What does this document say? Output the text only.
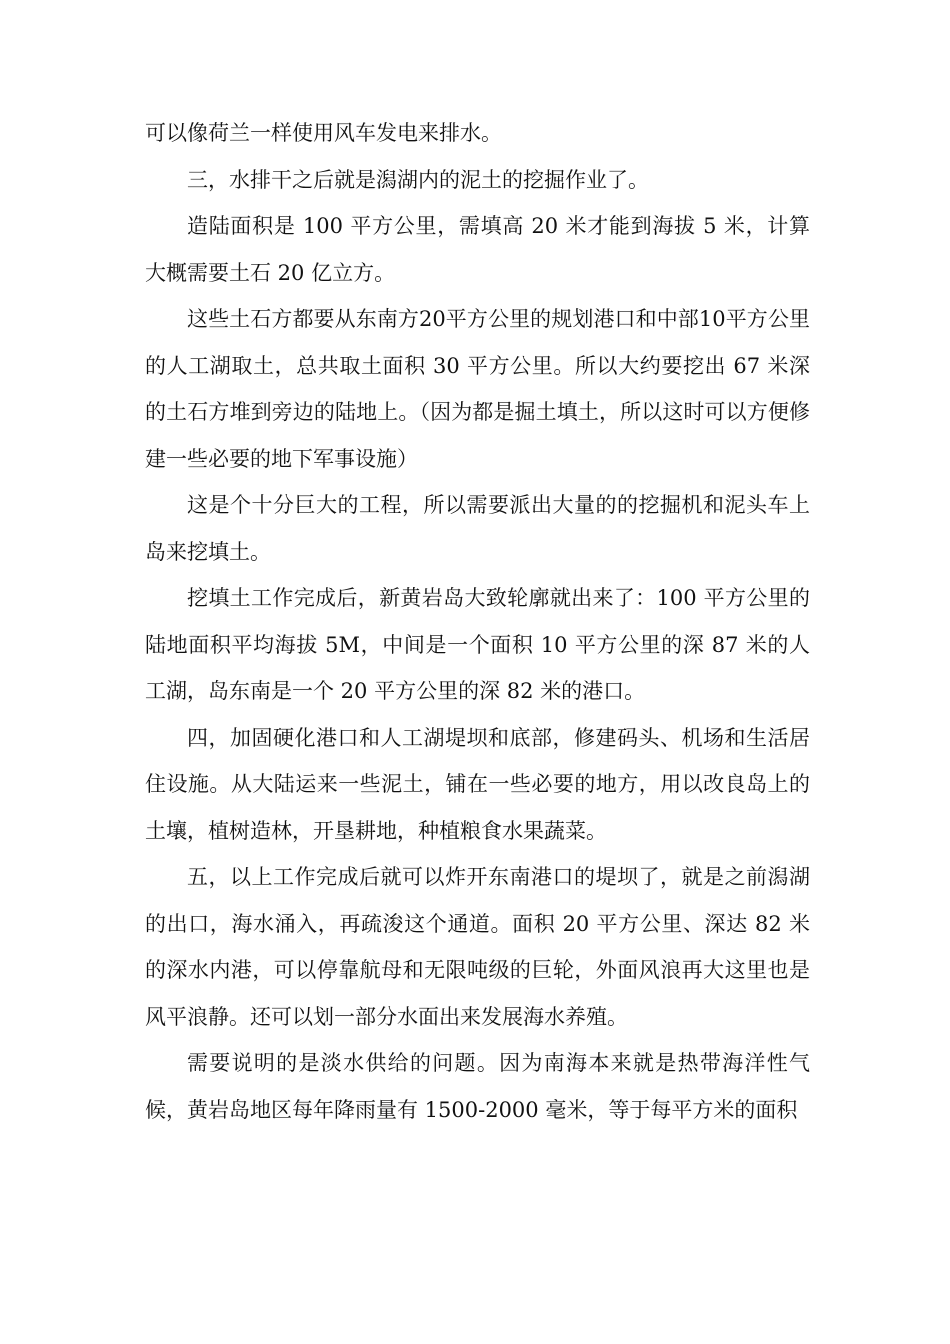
可以像荷兰一样使用风车发电来排水。

三，水排干之后就是潟湖内的泥土的挖掘作业了。

造陆面积是 100 平方公里，需填高 20 米才能到海拔 5 米，计算大概需要土石 20 亿立方。

这些土石方都要从东南方20平方公里的规划港口和中部10平方公里的人工湖取土，总共取土面积 30 平方公里。所以大约要挖出 67 米深的土石方堆到旁边的陆地上。（因为都是掘土填土，所以这时可以方便修建一些必要的地下军事设施）

这是个十分巨大的工程，所以需要派出大量的的挖掘机和泥头车上岛来挖填土。

挖填土工作完成后，新黄岩岛大致轮廓就出来了：100 平方公里的陆地面积平均海拔 5M，中间是一个面积 10 平方公里的深 87 米的人工湖，岛东南是一个 20 平方公里的深 82 米的港口。

四，加固硬化港口和人工湖堤坝和底部，修建码头、机场和生活居住设施。从大陆运来一些泥土，铺在一些必要的地方，用以改良岛上的土壤，植树造林，开垦耕地，种植粮食水果蔬菜。

五，以上工作完成后就可以炸开东南港口的堤坝了，就是之前潟湖的出口，海水涌入，再疏浚这个通道。面积 20 平方公里、深达 82 米的深水内港，可以停靠航母和无限吨级的巨轮，外面风浪再大这里也是风平浪静。还可以划一部分水面出来发展海水养殖。

需要说明的是淡水供给的问题。因为南海本来就是热带海洋性气候，黄岩岛地区每年降雨量有 1500-2000 毫米，等于每平方米的面积
